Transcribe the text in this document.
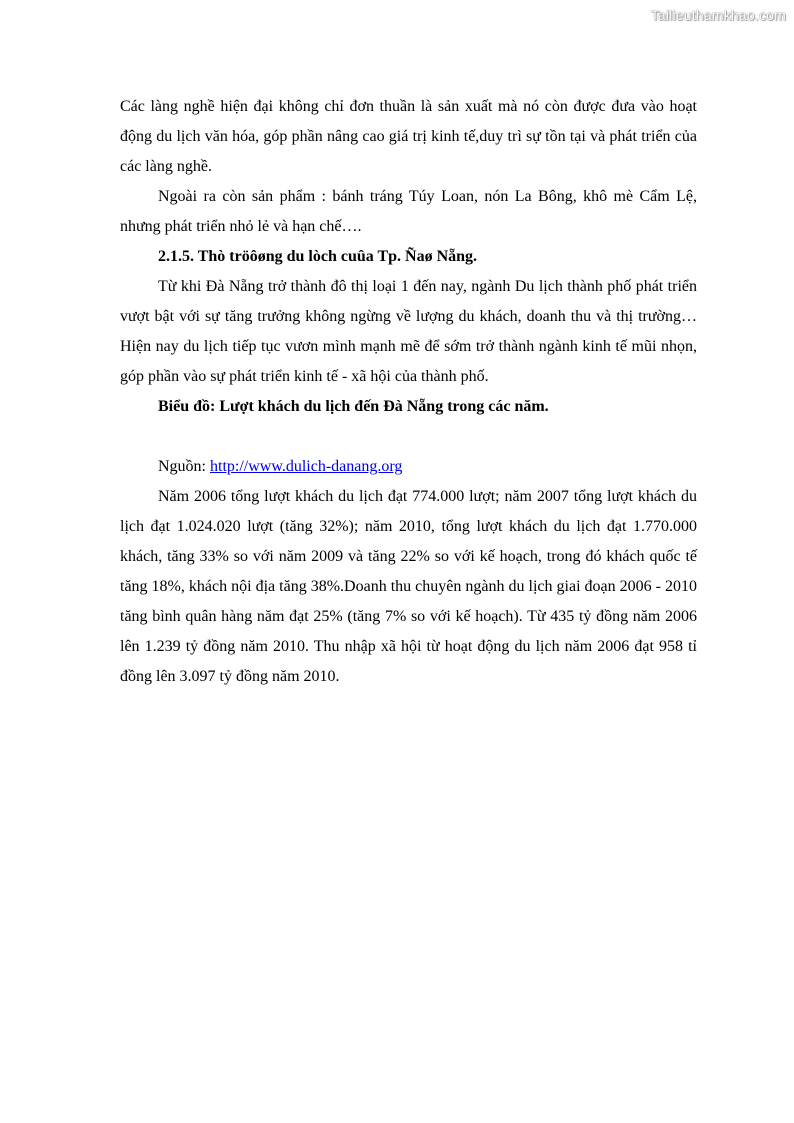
Tailieuthamkhao.com

Các làng nghề hiện đại không chỉ đơn thuần là sản xuất mà nó còn được đưa vào hoạt động du lịch văn hóa, góp phần nâng cao giá trị kinh tế,duy trì sự tồn tại và phát triển của các làng nghề.

Ngoài ra còn sản phẩm : bánh tráng Túy Loan, nón La Bông, khô mè Cẩm Lệ, nhưng phát triển nhỏ lẻ và hạn chế….

2.1.5. Thò tröôøng du lòch cuûa Tp. Ñaø Nẵng.

Từ khi Đà Nẵng trở thành đô thị loại 1 đến nay, ngành Du lịch thành phố phát triển vượt bật với sự tăng trưởng không ngừng về lượng du khách, doanh thu và thị trường… Hiện nay du lịch tiếp tục vươn mình mạnh mẽ để sớm trở thành ngành kinh tế mũi nhọn, góp phần vào sự phát triển kinh tế - xã hội của thành phố.

Biểu đồ: Lượt khách du lịch đến Đà Nẵng trong các năm.

Nguồn: http://www.dulich-danang.org

Năm 2006 tổng lượt khách du lịch đạt 774.000 lượt; năm 2007 tổng lượt khách du lịch đạt 1.024.020 lượt (tăng 32%); năm 2010, tổng lượt khách du lịch đạt 1.770.000 khách, tăng 33% so với năm 2009 và tăng 22% so với kế hoạch, trong đó khách quốc tế tăng 18%, khách nội địa tăng 38%.Doanh thu chuyên ngành du lịch giai đoạn 2006 - 2010 tăng bình quân hàng năm đạt 25% (tăng 7% so với kế hoạch). Từ 435 tỷ đồng năm 2006 lên 1.239 tỷ đồng năm 2010. Thu nhập xã hội từ hoạt động du lịch năm 2006 đạt 958 tỉ đồng lên 3.097 tỷ đồng năm 2010.
